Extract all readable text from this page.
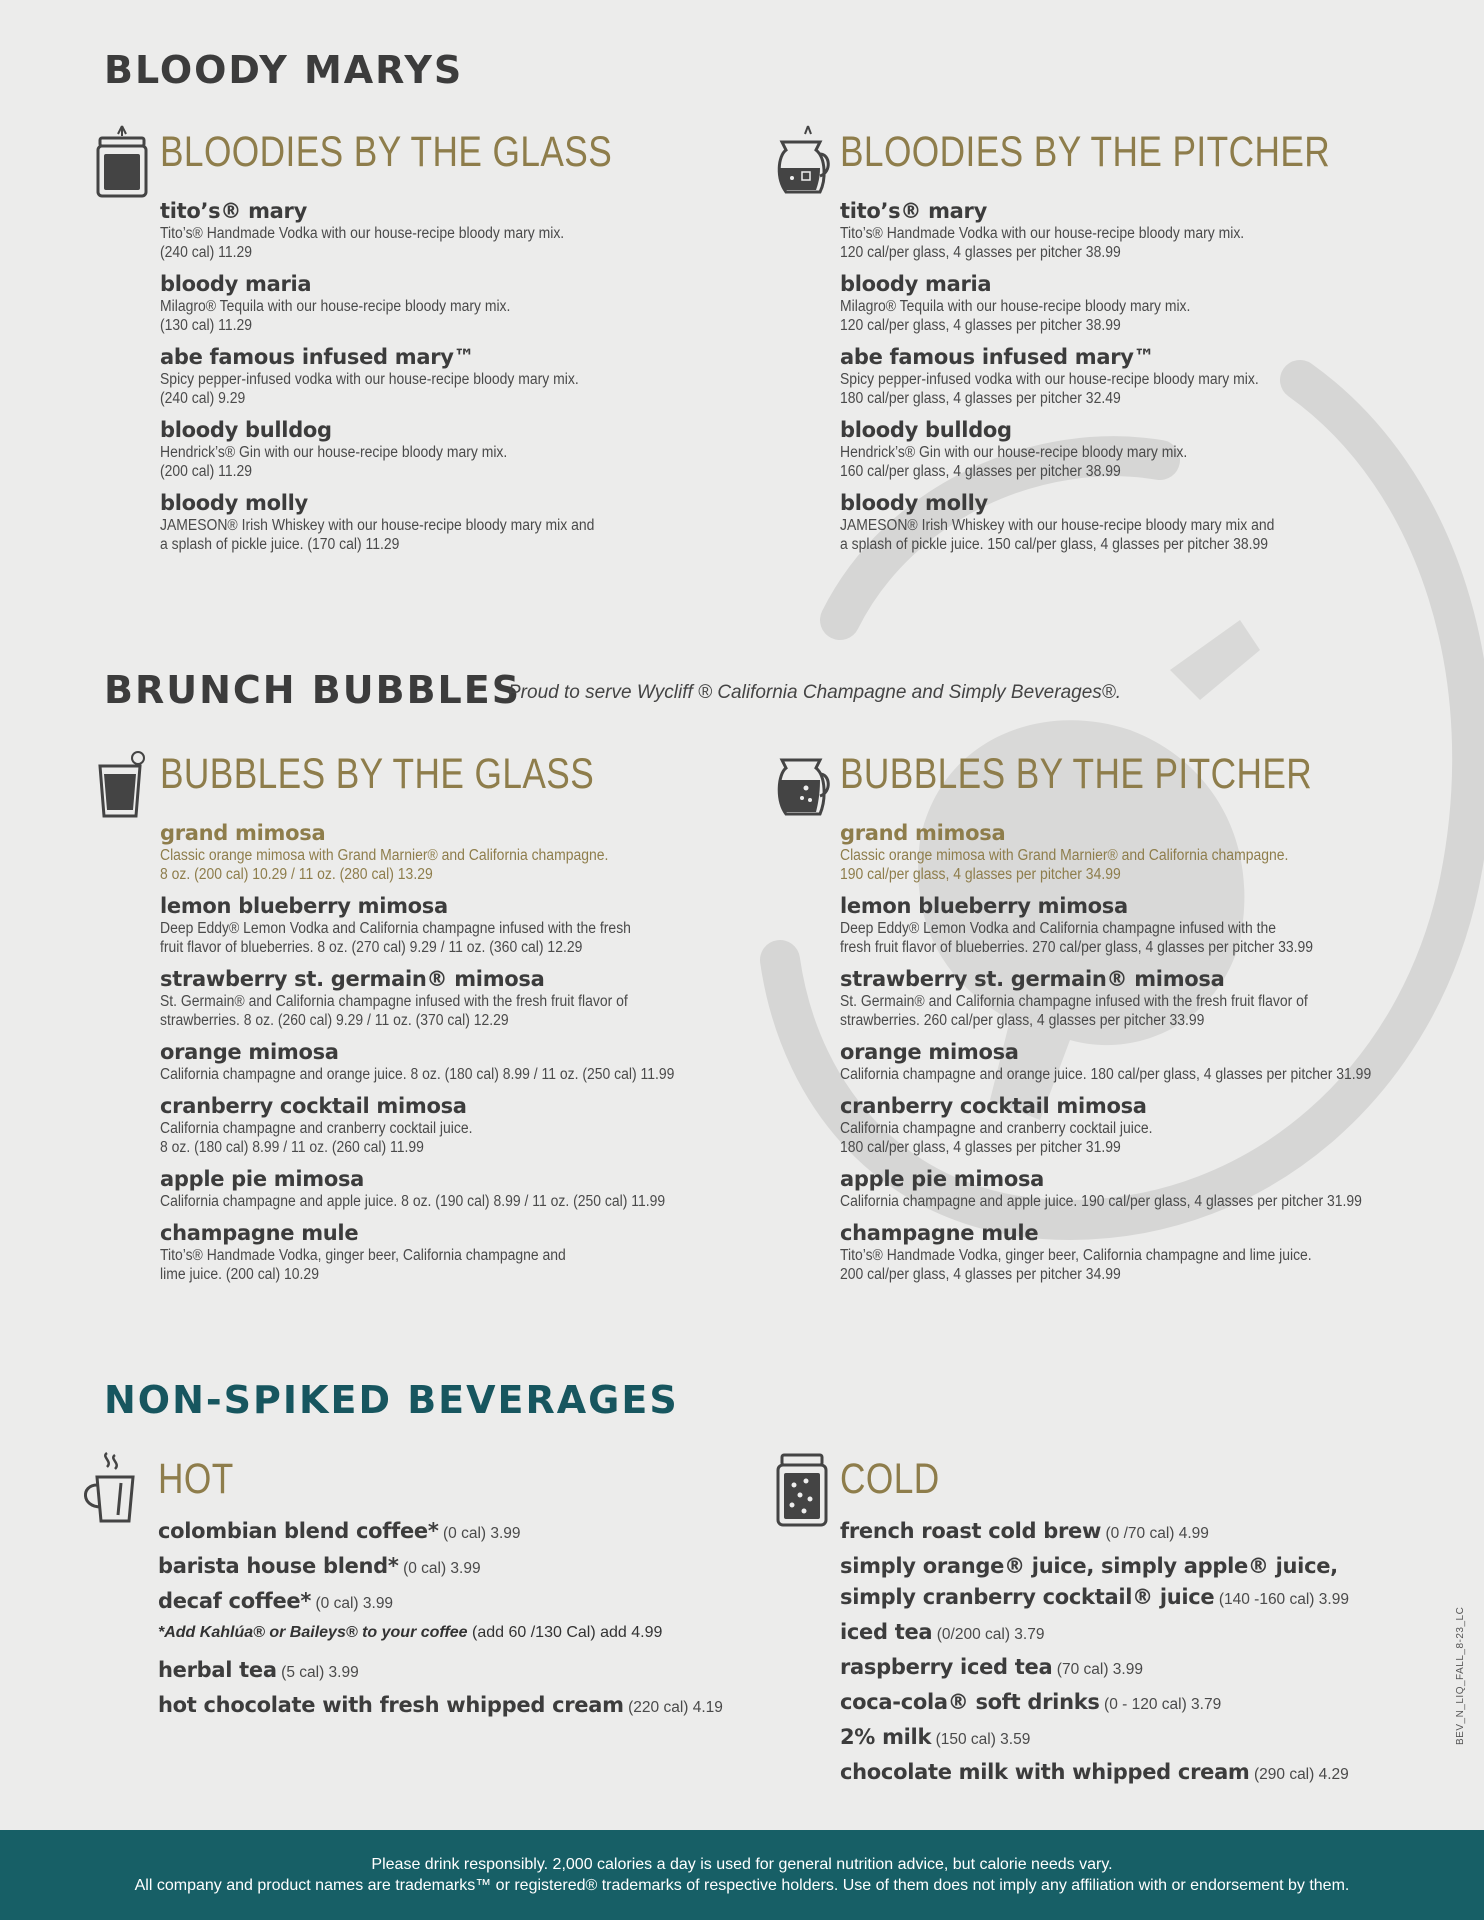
BLOODY MARYS
BLOODIES BY THE GLASS
tito’s® mary
Tito’s® Handmade Vodka with our house-recipe bloody mary mix.
(240 cal) 11.29
bloody maria
Milagro® Tequila with our house-recipe bloody mary mix.
(130 cal) 11.29
abe famous infused mary™
Spicy pepper-infused vodka with our house-recipe bloody mary mix.
(240 cal) 9.29
bloody bulldog
Hendrick’s® Gin with our house-recipe bloody mary mix.
(200 cal) 11.29
bloody molly
JAMESON® Irish Whiskey with our house-recipe bloody mary mix and
a splash of pickle juice. (170 cal) 11.29
BLOODIES BY THE PITCHER
tito’s® mary
Tito’s® Handmade Vodka with our house-recipe bloody mary mix.
120 cal/per glass, 4 glasses per pitcher 38.99
bloody maria
Milagro® Tequila with our house-recipe bloody mary mix.
120 cal/per glass, 4 glasses per pitcher 38.99
abe famous infused mary™
Spicy pepper-infused vodka with our house-recipe bloody mary mix.
180 cal/per glass, 4 glasses per pitcher 32.49
bloody bulldog
Hendrick’s® Gin with our house-recipe bloody mary mix.
160 cal/per glass, 4 glasses per pitcher 38.99
bloody molly
JAMESON® Irish Whiskey with our house-recipe bloody mary mix and
a splash of pickle juice. 150 cal/per glass, 4 glasses per pitcher 38.99
BRUNCH BUBBLES
Proud to serve Wycliff ® California Champagne and Simply Beverages®.
BUBBLES BY THE GLASS
grand mimosa
Classic orange mimosa with Grand Marnier® and California champagne.
8 oz. (200 cal) 10.29 / 11 oz. (280 cal) 13.29
lemon blueberry mimosa
Deep Eddy® Lemon Vodka and California champagne infused with the fresh
fruit flavor of blueberries. 8 oz. (270 cal) 9.29 / 11 oz. (360 cal) 12.29
strawberry st. germain® mimosa
St. Germain® and California champagne infused with the fresh fruit flavor of
strawberries. 8 oz. (260 cal) 9.29 / 11 oz. (370 cal) 12.29
orange mimosa
California champagne and orange juice. 8 oz. (180 cal) 8.99 / 11 oz. (250 cal) 11.99
cranberry cocktail mimosa
California champagne and cranberry cocktail juice.
8 oz. (180 cal) 8.99 / 11 oz. (260 cal) 11.99
apple pie mimosa
California champagne and apple juice. 8 oz. (190 cal) 8.99 / 11 oz. (250 cal) 11.99
champagne mule
Tito’s® Handmade Vodka, ginger beer, California champagne and
lime juice. (200 cal) 10.29
BUBBLES BY THE PITCHER
grand mimosa
Classic orange mimosa with Grand Marnier® and California champagne.
190 cal/per glass, 4 glasses per pitcher 34.99
lemon blueberry mimosa
Deep Eddy® Lemon Vodka and California champagne infused with the
fresh fruit flavor of blueberries. 270 cal/per glass, 4 glasses per pitcher 33.99
strawberry st. germain® mimosa
St. Germain® and California champagne infused with the fresh fruit flavor of
strawberries. 260 cal/per glass, 4 glasses per pitcher 33.99
orange mimosa
California champagne and orange juice. 180 cal/per glass, 4 glasses per pitcher 31.99
cranberry cocktail mimosa
California champagne and cranberry cocktail juice.
180 cal/per glass, 4 glasses per pitcher 31.99
apple pie mimosa
California champagne and apple juice. 190 cal/per glass, 4 glasses per pitcher 31.99
champagne mule
Tito’s® Handmade Vodka, ginger beer, California champagne and lime juice.
200 cal/per glass, 4 glasses per pitcher 34.99
NON-SPIKED BEVERAGES
HOT
colombian blend coffee* (0 cal) 3.99
barista house blend* (0 cal) 3.99
decaf coffee* (0 cal) 3.99
*Add Kahlúa® or Baileys® to your coffee (add 60 /130 Cal) add 4.99
herbal tea (5 cal) 3.99
hot chocolate with fresh whipped cream (220 cal) 4.19
COLD
french roast cold brew (0 /70 cal) 4.99
simply orange® juice, simply apple® juice,
simply cranberry cocktail® juice (140 -160 cal) 3.99
iced tea (0/200 cal) 3.79
raspberry iced tea (70 cal) 3.99
coca-cola® soft drinks (0 - 120 cal) 3.79
2% milk (150 cal) 3.59
chocolate milk with whipped cream (290 cal) 4.29
BEV_N_LIQ_FALL_8-23_LC
Please drink responsibly. 2,000 calories a day is used for general nutrition advice, but calorie needs vary.
All company and product names are trademarks™ or registered® trademarks of respective holders. Use of them does not imply any affiliation with or endorsement by them.
